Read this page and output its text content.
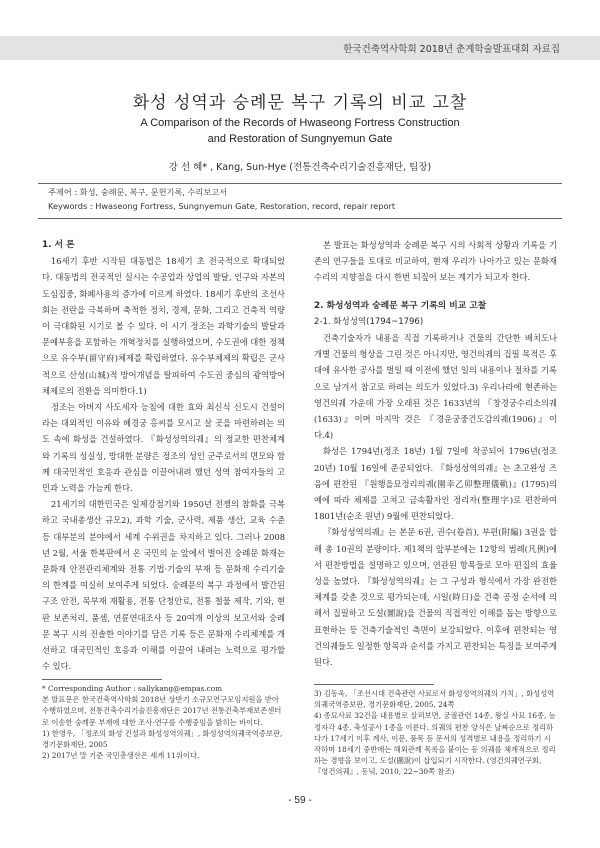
한국건축역사학회 2018년 춘계학술발표대회 자료집
화성 성역과 숭례문 복구 기록의 비교 고찰
A Comparison of the Records of Hwaseong Fortress Construction
and Restoration of Sungnyemun Gate
강 선 혜* , Kang, Sun-Hye (전통건축수리기술진흥재단, 팀장)
주제어 : 화성, 숭례문, 복구, 문헌기록, 수리보고서
Keywords : Hwaseong Fortress, Sungnyemun Gate, Restoration, record, repair report

1. 서 론

16세기 후반 시작된 대동법은 18세기 초 전국적으로 확대되었다. 대동법의 전국적인 실시는 수공업과 상업의 발달, 인구와 자본의 도심집중, 화폐사용의 증가에 이르게 하였다. 18세기 후반의 조선사회는 전란을 극복하며 축적한 정치, 경제, 문화, 그리고 건축적 역량이 극대화된 시기로 볼 수 있다. 이 시기 정조는 과학기술의 발달과 문예부흥을 포함하는 개혁정치를 실행하였으며, 수도권에 대한 정책으로 유수부(留守府)체제를 확립하였다. 유수부체제의 확립은 군사적으로 산성(山城)적 방어개념을 탈피하여 수도권 중심의 광역방어체제로의 전환을 의미한다.1)

정조는 아버지 사도세자 능침에 대한 효와 최신식 신도시 건설이라는 대외적인 이유와 혜경궁 홍씨를 모시고 살 곳을 마련하려는 의도 속에 화성을 건설하였다. 『화성성역의궤』의 정교한 편찬체계와 기록의 성실성, 방대한 분량은 정조의 성인 군주로서의 면모와 함께 대국민적인 호응과 관심을 이끌어내려 했던 성역 참여자들의 고민과 노력을 가늠케 한다.

21세기의 대한민국은 일제강점기와 1950년 전쟁의 참화를 극복하고 국내총생산 규모2), 과학 기술, 군사력, 제품 생산, 교육 수준 등 대부분의 분야에서 세계 수위권을 차지하고 있다. 그러나 2008년 2월, 서울 한복판에서 온 국민의 눈 앞에서 벌어진 숭례문 화재는 문화재 안전관리체계와 전통 기법·기술의 부재 등 문화재 수리기술의 한계를 여실히 보여주게 되었다. 숭례문의 복구 과정에서 발간된 구조 안전, 목부재 재활용, 전통 단청안료, 전통 철물 제작, 기와, 현판 보존처리, 품셈, 연륜연대조사 등 20여개 이상의 보고서와 숭례문 복구 시의 진솔한 이야기를 담은 기록 등은 문화재 수리체계를 개선하고 대국민적인 호응과 이해를 이끌어 내려는 노력으로 평가할 수 있다.

본 발표는 화성성역과 숭례문 복구 시의 사회적 상황과 기록을 기존의 연구들을 토대로 비교하여, 현재 우리가 나아가고 있는 문화재 수리의 지향점을 다시 한번 되짚어 보는 계기가 되고자 한다.

2. 화성성역과 숭례문 복구 기록의 비교 고찰

2-1. 화성성역(1794~1796)

건축기술자가 내용을 직접 기록하거나 건물의 간단한 배치도나 개별 건물의 형상을 그린 것은 아니지만, 영건의궤의 집필 목적은 후대에 유사한 공사를 벌일 때 이전에 했던 일의 내용이나 절차를 기록으로 남겨서 참고로 하려는 의도가 있었다.3) 우리나라에 현존하는 영건의궤 가운데 가장 오래된 것은 1633년의 『창경궁수리소의궤(1633)』이며 마지막 것은 『경운궁중건도감의궤(1906)』이다.4)

화성은 1794년(정조 18년) 1월 7일에 착공되어 1796년(정조20년) 10월 16일에 준공되었다. 『화성성역의궤』는 초고완성 즈음에 편찬된 『원행을묘정리의궤(園幸乙卯整理儀軌)』(1795)의 예에 따라 체제를 고쳐고 금속활자인 정리자(整理字)로 편찬하여 1801년(순조 원년) 9월에 편찬되었다.

『화성성역의궤』는 본문 6권, 권수(卷首), 부편(附編) 3권을 합해 총 10권의 분량이다. 제1책의 앞부분에는 12항의 범례(凡例)에서 편찬방법을 설명하고 있으며, 연관된 항목들로 모아 편집의 효율성을 높였다. 『화성성역의궤』는 그 구성과 형식에서 가장 완전한 체계를 갖춘 것으로 평가되는데, 시일(時日)을 건축 공정 순서에 의해서 집필하고 도설(圖說)을 건물의 직접적인 이해를 돕는 방향으로 표현하는 등 건축기술적인 측면이 보강되었다. 이후에 편찬되는 영건의궤들도 일정한 항목과 순서를 가지고 편찬되는 특징을 보여주게 된다.

* Corresponding Author : sallykang@empas.com
본 발표문은 한국건축역사학회 2018년 상반기 소규모연구모임지원을 받아 수행하였으며, 전통건축수리기술진흥재단은 2017년 전통건축부재보존센터로 이송한 숭례문 부재에 대한 조사·연구를 수행중임을 밝히는 바이다.
1) 한영우, 「정조의 화성 건설과 화성성역의궤」, 화성성역의궤국역증보판, 경기문화재단, 2005
2) 2017년 말 기준 국민총생산은 세계 11위이다.
3) 김동욱, 「조선시대 건축관련 사료로서 화성성역의궤의 가치」, 화성성역의궤국역증보판, 경기문화재단, 2005, 24쪽
4) 종묘사료 32건을 내용별로 살펴보면, 궁궐관련 14종, 왕실 사묘 16종, 능 정자각 4종, 축성공사 1종을 이룬다. 의궤의 편찬 양식은 날짜순으로 정리하다가 17세기 이후 계사, 이문, 품목 등 문서의 성격별로 내용을 정리하기 시작하며 18세기 중반에는 해외관례 목록을 붙이는 등 의궤를 체계적으로 정리하는 경향을 보이고, 도설(圖說)이 삽입되기 시작한다. (영건의궤연구회, 『영건의궤』, 동녘, 2010, 22~30쪽 참조)
- 59 -
